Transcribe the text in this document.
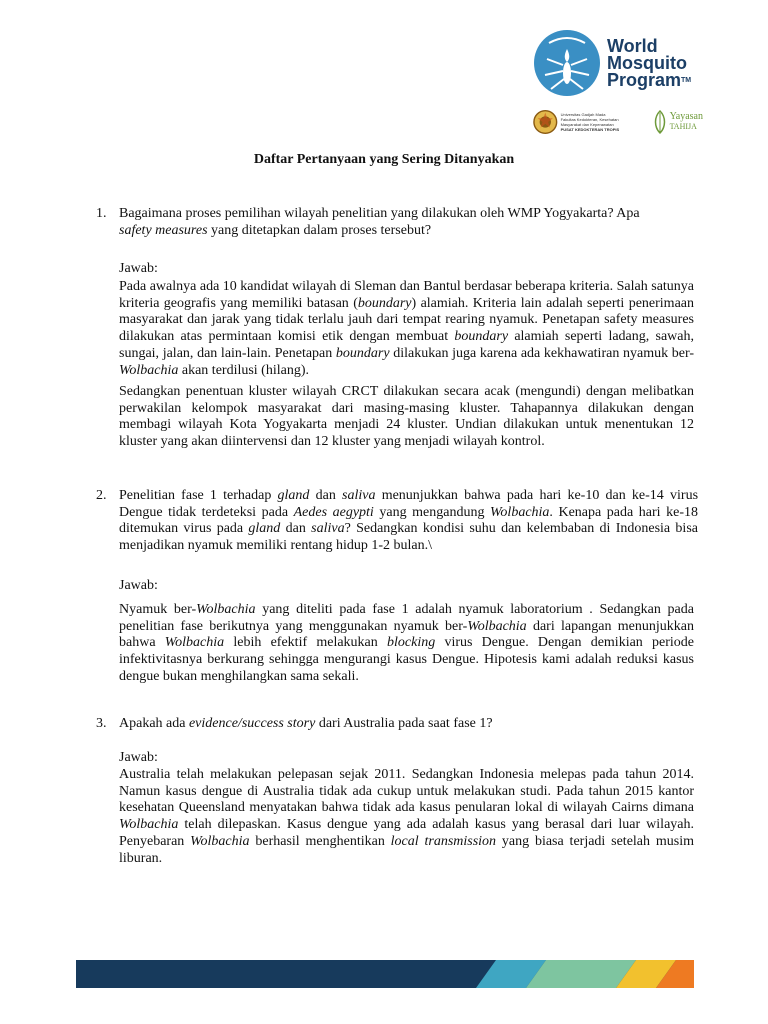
World
Mosquito
Program™
Universitas Gadjah Mada
Fakultas Kedokteran, Kesehatan
Masyarakat dan Keperawatan
PUSAT KEDOKTERAN TROPIS
Yayasan
TAHIJA
Daftar Pertanyaan yang Sering Ditanyakan
1. Bagaimana proses pemilihan wilayah penelitian yang dilakukan oleh WMP Yogyakarta? Apa
safety measures yang ditetapkan dalam proses tersebut?
Jawab:

Pada awalnya ada 10 kandidat wilayah di Sleman dan Bantul berdasar beberapa kriteria. Salah satunya kriteria geografis yang memiliki batasan (boundary) alamiah. Kriteria lain adalah seperti penerimaan masyarakat dan jarak yang tidak terlalu jauh dari tempat rearing nyamuk. Penetapan safety measures dilakukan atas permintaan komisi etik dengan membuat boundary alamiah seperti ladang, sawah, sungai, jalan, dan lain-lain. Penetapan boundary dilakukan juga karena ada kekhawatiran nyamuk ber-Wolbachia akan terdilusi (hilang).

Sedangkan penentuan kluster wilayah CRCT dilakukan secara acak (mengundi) dengan melibatkan perwakilan kelompok masyarakat dari masing-masing kluster. Tahapannya dilakukan dengan membagi wilayah Kota Yogyakarta menjadi 24 kluster. Undian dilakukan untuk menentukan 12 kluster yang akan diintervensi dan 12 kluster yang menjadi wilayah kontrol.

2. Penelitian fase 1 terhadap gland dan saliva menunjukkan bahwa pada hari ke-10 dan ke-14 virus Dengue tidak terdeteksi pada Aedes aegypti yang mengandung Wolbachia. Kenapa pada hari ke-18 ditemukan virus pada gland dan saliva? Sedangkan kondisi suhu dan kelembaban di Indonesia bisa menjadikan nyamuk memiliki rentang hidup 1-2 bulan.\
Jawab:

Nyamuk ber-Wolbachia yang diteliti pada fase 1 adalah nyamuk laboratorium . Sedangkan pada penelitian fase berikutnya yang menggunakan nyamuk ber-Wolbachia dari lapangan menunjukkan bahwa Wolbachia lebih efektif melakukan blocking virus Dengue. Dengan demikian periode infektivitasnya berkurang sehingga mengurangi kasus Dengue. Hipotesis kami adalah reduksi kasus dengue bukan menghilangkan sama sekali.

3. Apakah ada evidence/success story dari Australia pada saat fase 1?
Jawab:

Australia telah melakukan pelepasan sejak 2011. Sedangkan Indonesia melepas pada tahun 2014. Namun kasus dengue di Australia tidak ada cukup untuk melakukan studi. Pada tahun 2015 kantor kesehatan Queensland menyatakan bahwa tidak ada kasus penularan lokal di wilayah Cairns dimana Wolbachia telah dilepaskan. Kasus dengue yang ada adalah kasus yang berasal dari luar wilayah. Penyebaran Wolbachia berhasil menghentikan local transmission yang biasa terjadi setelah musim liburan.
